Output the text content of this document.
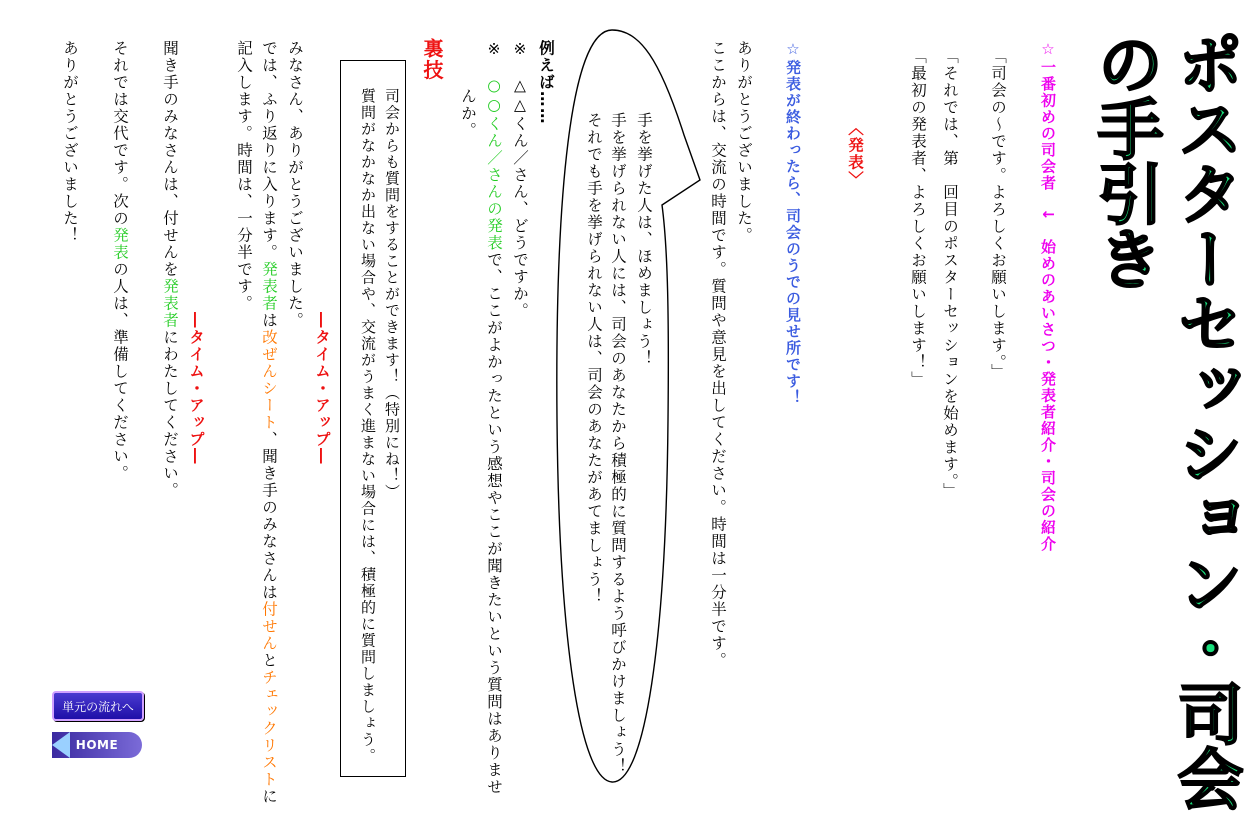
ポスターセッション・司会の手引き
☆一番初めの司会者　↓　始めのあいさつ・発表者紹介・司会の紹介
「司会の～です。よろしくお願いします。」
「それでは、第　回目のポスターセッションを始めます。」
「最初の発表者、よろしくお願いします！」
〈発表〉
☆発表が終わったら、司会のうでの見せ所です！
ありがとうございました。
ここからは、交流の時間です。質問や意見を出してください。時間は一分半です。
手を挙げた人は、ほめましょう！
手を挙げられない人には、司会のあなたから積極的に質問するよう呼びかけましょう！
それでも手を挙げられない人は、司会のあなたがあてましょう！
例えば……
※　△△くん／さん、どうですか。
※　○○くん／さんの発表で、ここがよかったという感想やここが聞きたいという質問はありませ
んか。
裏技
司会からも質問をすることができます！（特別にね！）
質問がなかなか出ない場合や、交流がうまく進まない場合には、積極的に質問しましょう。
みなさん、ありがとうございました。
―タイム・アップ―
では、ふり返りに入ります。発表者は改ぜんシート、聞き手のみなさんは付せんとチェックリストに
記入します。時間は、一分半です。
―タイム・アップ―
聞き手のみなさんは、付せんを発表者にわたしてください。
それでは交代です。次の発表の人は、準備してください。
ありがとうございました！
単元の流れへ
HOME
